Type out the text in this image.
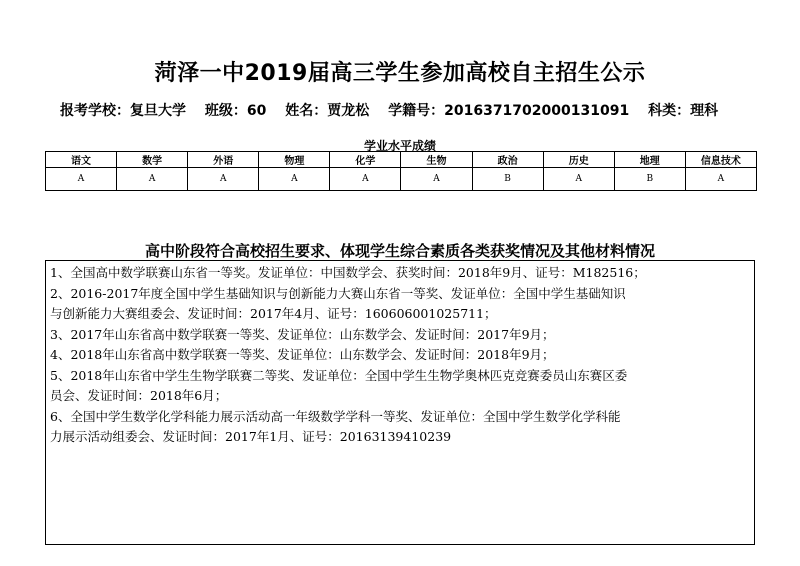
菏泽一中2019届高三学生参加高校自主招生公示
报考学校：复旦大学 班级：60 姓名：贾龙松 学籍号：20163717020001310​91 科类：理科
学业水平成绩
语文	数学	外语	物理	化学	生物	政治	历史	地理	信息技术
A	A	A	A	A	A	B	A	B	A
高中阶段符合高校招生要求、体现学生综合素质各类获奖情况及其他材料情况

1、全国高中数学联赛山东省一等奖。发证单位：中国数学会、获奖时间：2018年9月、证号：M182516；

2、2016-2017年度全国中学生基础知识与创新能力大赛山东省一等奖、发证单位：全国中学生基础知识

与创新能力大赛组委会、发证时间：2017年4月、证号：160606001025711；

3、2017年山东省高中数学联赛一等奖、发证单位：山东数学会、发证时间：2017年9月；

4、2018年山东省高中数学联赛一等奖、发证单位：山东数学会、发证时间：2018年9月；

5、2018年山东省中学生生物学联赛二等奖、发证单位：全国中学生生物学奥林匹克竞赛委员山东赛区委

员会、发证时间：2018年6月；

6、全国中学生数学化学科能力展示活动高一年级数学学科一等奖、发证单位：全国中学生数学化学科能

力展示活动组委会、发证时间：2017年1月、证号：20163139410239
